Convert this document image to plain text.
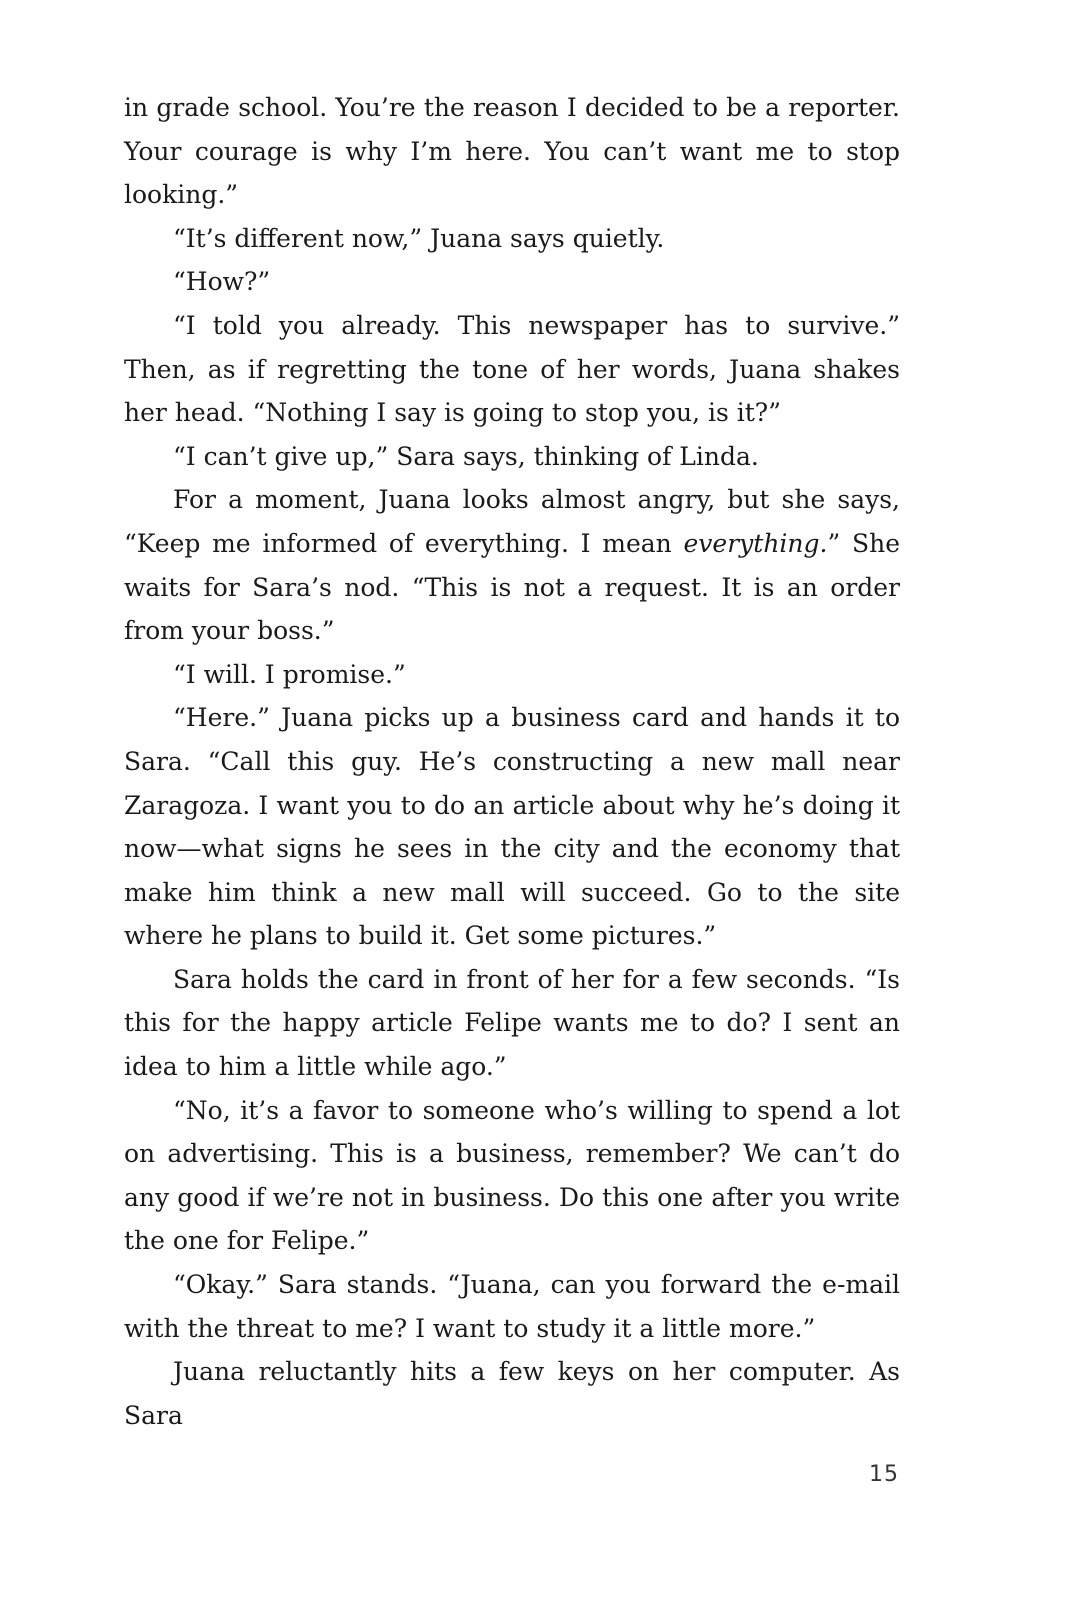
in grade school. You’re the reason I decided to be a reporter. Your courage is why I’m here. You can’t want me to stop looking.”

“It’s different now,” Juana says quietly.

“How?”

“I told you already. This newspaper has to survive.” Then, as if regretting the tone of her words, Juana shakes her head. “Nothing I say is going to stop you, is it?”

“I can’t give up,” Sara says, thinking of Linda.

For a moment, Juana looks almost angry, but she says, “Keep me informed of everything. I mean everything.” She waits for Sara’s nod. “This is not a request. It is an order from your boss.”

“I will. I promise.”

“Here.” Juana picks up a business card and hands it to Sara. “Call this guy. He’s constructing a new mall near Zaragoza. I want you to do an article about why he’s doing it now—what signs he sees in the city and the economy that make him think a new mall will succeed. Go to the site where he plans to build it. Get some pictures.”

Sara holds the card in front of her for a few seconds. “Is this for the happy article Felipe wants me to do? I sent an idea to him a little while ago.”

“No, it’s a favor to someone who’s willing to spend a lot on advertising. This is a business, remember? We can’t do any good if we’re not in business. Do this one after you write the one for Felipe.”

“Okay.” Sara stands. “Juana, can you forward the e-mail with the threat to me? I want to study it a little more.”

Juana reluctantly hits a few keys on her computer. As Sara

15
